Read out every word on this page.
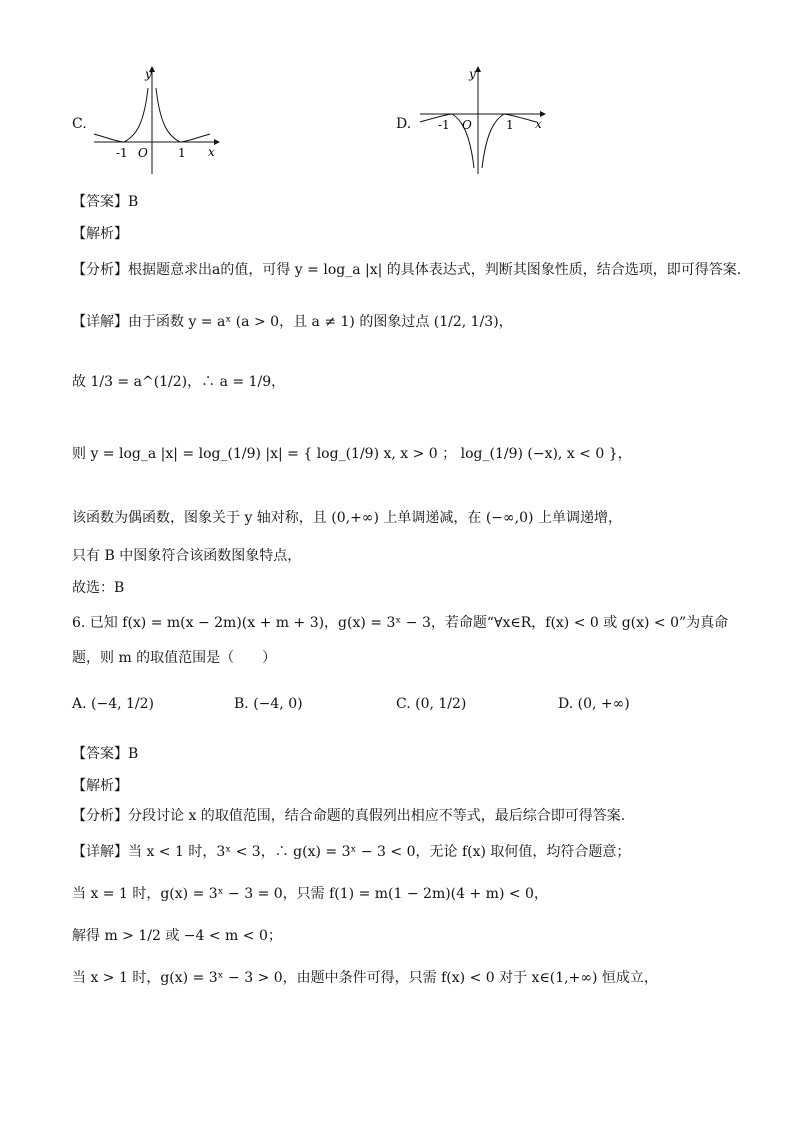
C.
y
x
O
-1	1
D.
y
x
O
-1	1
【答案】B
【解析】
【分析】根据题意求出a的值，可得 y = log_a |x| 的具体表达式，判断其图象性质，结合选项，即可得答案.
【详解】由于函数 y = aˣ (a > 0，且 a ≠ 1) 的图象过点 (1/2, 1/3)，
故 1/3 = a^(1/2)，∴ a = 1/9，
则 y = log_a |x| = log_(1/9) |x| = { log_(1/9) x, x > 0 ； log_(1/9) (−x), x < 0 }，
该函数为偶函数，图象关于 y 轴对称，且 (0,+∞) 上单调递减，在 (−∞,0) 上单调递增，
只有 B 中图象符合该函数图象特点，
故选：B
6. 已知 f(x) = m(x − 2m)(x + m + 3)，g(x) = 3ˣ − 3，若命题“∀x∈R，f(x) < 0 或 g(x) < 0”为真命
题，则 m 的取值范围是（　　）
A. (−4, 1/2)	B. (−4, 0)	C. (0, 1/2)	D. (0, +∞)
【答案】B
【解析】
【分析】分段讨论 x 的取值范围，结合命题的真假列出相应不等式，最后综合即可得答案.
【详解】当 x < 1 时，3ˣ < 3，∴ g(x) = 3ˣ − 3 < 0，无论 f(x) 取何值，均符合题意；
当 x = 1 时，g(x) = 3ˣ − 3 = 0，只需 f(1) = m(1 − 2m)(4 + m) < 0，
解得 m > 1/2 或 −4 < m < 0；
当 x > 1 时，g(x) = 3ˣ − 3 > 0，由题中条件可得，只需 f(x) < 0 对于 x∈(1,+∞) 恒成立，
